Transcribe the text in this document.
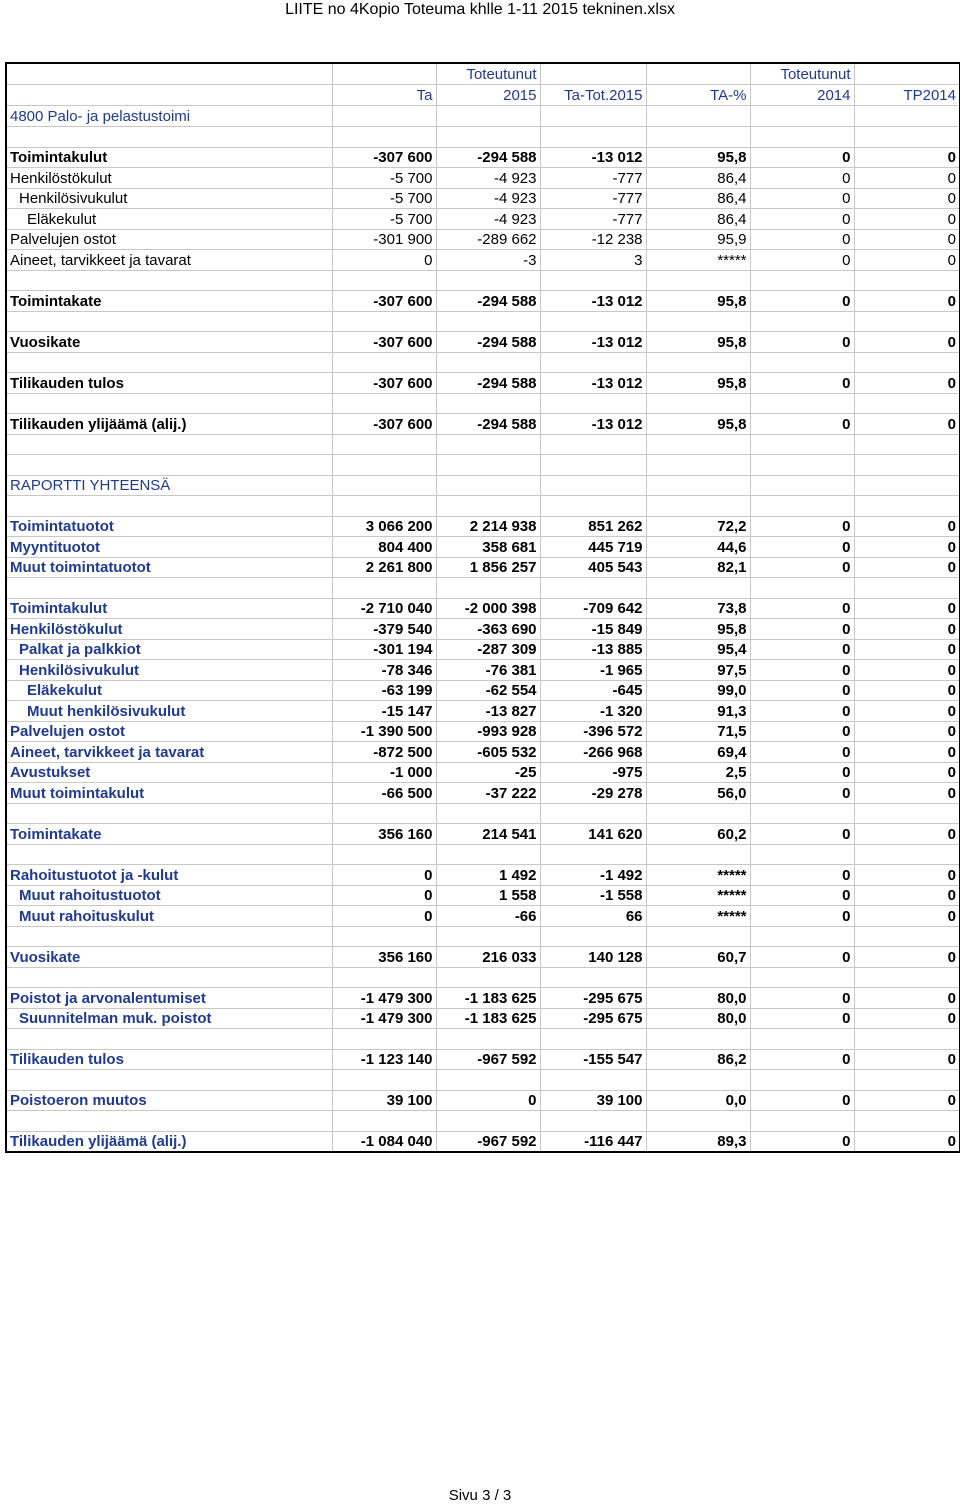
LIITE no 4Kopio Toteuma khlle 1-11 2015 tekninen.xlsx
		Toteutunut			Toteutunut	
	Ta	2015	Ta-Tot.2015	TA-%	2014	TP2014
4800 Palo- ja pelastustoimi						

Toimintakulut	-307 600	-294 588	-13 012	95,8	0	0
Henkilöstökulut	-5 700	-4 923	-777	86,4	0	0
Henkilösivukulut	-5 700	-4 923	-777	86,4	0	0
Eläkekulut	-5 700	-4 923	-777	86,4	0	0
Palvelujen ostot	-301 900	-289 662	-12 238	95,9	0	0
Aineet, tarvikkeet ja tavarat	0	-3	3	*****	0	0

Toimintakate	-307 600	-294 588	-13 012	95,8	0	0

Vuosikate	-307 600	-294 588	-13 012	95,8	0	0

Tilikauden tulos	-307 600	-294 588	-13 012	95,8	0	0

Tilikauden ylijäämä (alij.)	-307 600	-294 588	-13 012	95,8	0	0

RAPORTTI YHTEENSÄ						

Toimintatuotot	3 066 200	2 214 938	851 262	72,2	0	0
Myyntituotot	804 400	358 681	445 719	44,6	0	0
Muut toimintatuotot	2 261 800	1 856 257	405 543	82,1	0	0

Toimintakulut	-2 710 040	-2 000 398	-709 642	73,8	0	0
Henkilöstökulut	-379 540	-363 690	-15 849	95,8	0	0
Palkat ja palkkiot	-301 194	-287 309	-13 885	95,4	0	0
Henkilösivukulut	-78 346	-76 381	-1 965	97,5	0	0
Eläkekulut	-63 199	-62 554	-645	99,0	0	0
Muut henkilösivukulut	-15 147	-13 827	-1 320	91,3	0	0
Palvelujen ostot	-1 390 500	-993 928	-396 572	71,5	0	0
Aineet, tarvikkeet ja tavarat	-872 500	-605 532	-266 968	69,4	0	0
Avustukset	-1 000	-25	-975	2,5	0	0
Muut toimintakulut	-66 500	-37 222	-29 278	56,0	0	0

Toimintakate	356 160	214 541	141 620	60,2	0	0

Rahoitustuotot ja -kulut	0	1 492	-1 492	*****	0	0
Muut rahoitustuotot	0	1 558	-1 558	*****	0	0
Muut rahoituskulut	0	-66	66	*****	0	0

Vuosikate	356 160	216 033	140 128	60,7	0	0

Poistot ja arvonalentumiset	-1 479 300	-1 183 625	-295 675	80,0	0	0
Suunnitelman muk. poistot	-1 479 300	-1 183 625	-295 675	80,0	0	0

Tilikauden tulos	-1 123 140	-967 592	-155 547	86,2	0	0

Poistoeron muutos	39 100	0	39 100	0,0	0	0

Tilikauden ylijäämä (alij.)	-1 084 040	-967 592	-116 447	89,3	0	0
Sivu 3 / 3
